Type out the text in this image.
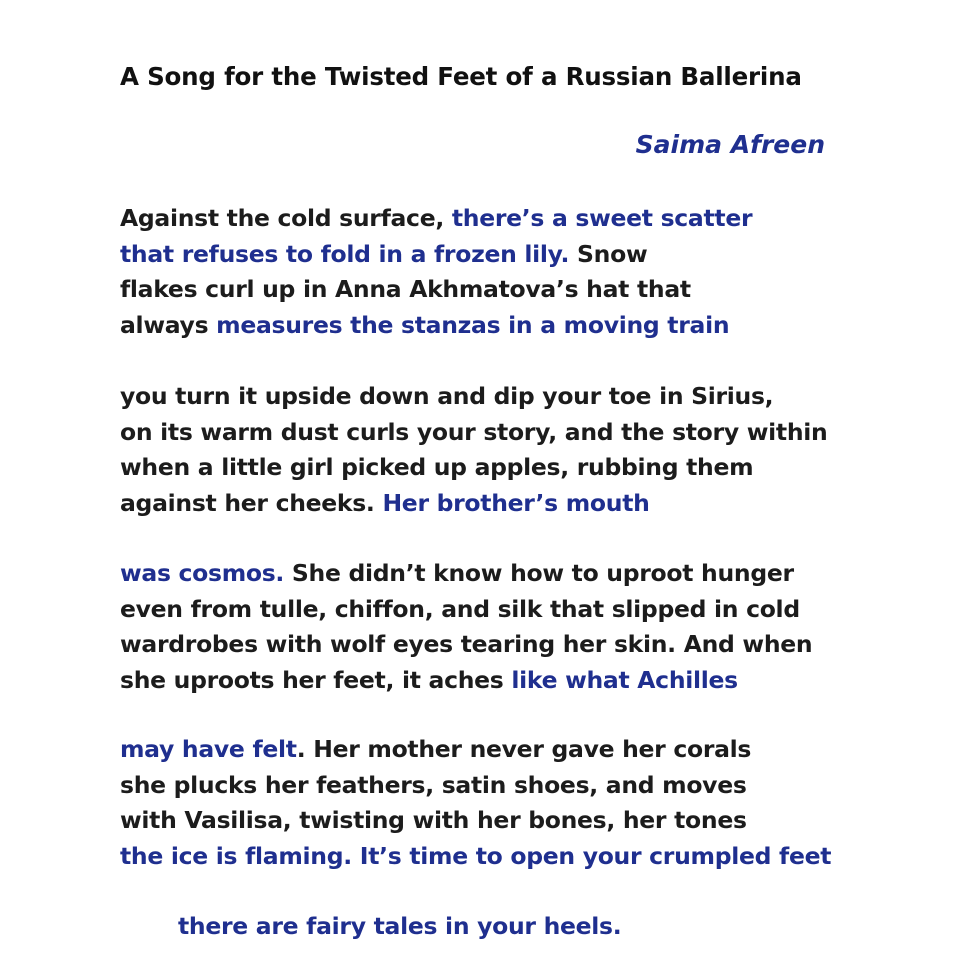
A Song for the Twisted Feet of a Russian Ballerina
Saima Afreen
Against the cold surface, there’s a sweet scatter
that refuses to fold in a frozen lily. Snow
flakes curl up in Anna Akhmatova’s hat that
always measures the stanzas in a moving train
you turn it upside down and dip your toe in Sirius,
on its warm dust curls your story, and the story within
when a little girl picked up apples, rubbing them
against her cheeks. Her brother’s mouth
was cosmos. She didn’t know how to uproot hunger
even from tulle, chiffon, and silk that slipped in cold
wardrobes with wolf eyes tearing her skin. And when
she uproots her feet, it aches like what Achilles
may have felt. Her mother never gave her corals
she plucks her feathers, satin shoes, and moves
with Vasilisa, twisting with her bones, her tones
the ice is flaming. It’s time to open your crumpled feet
there are fairy tales in your heels.
